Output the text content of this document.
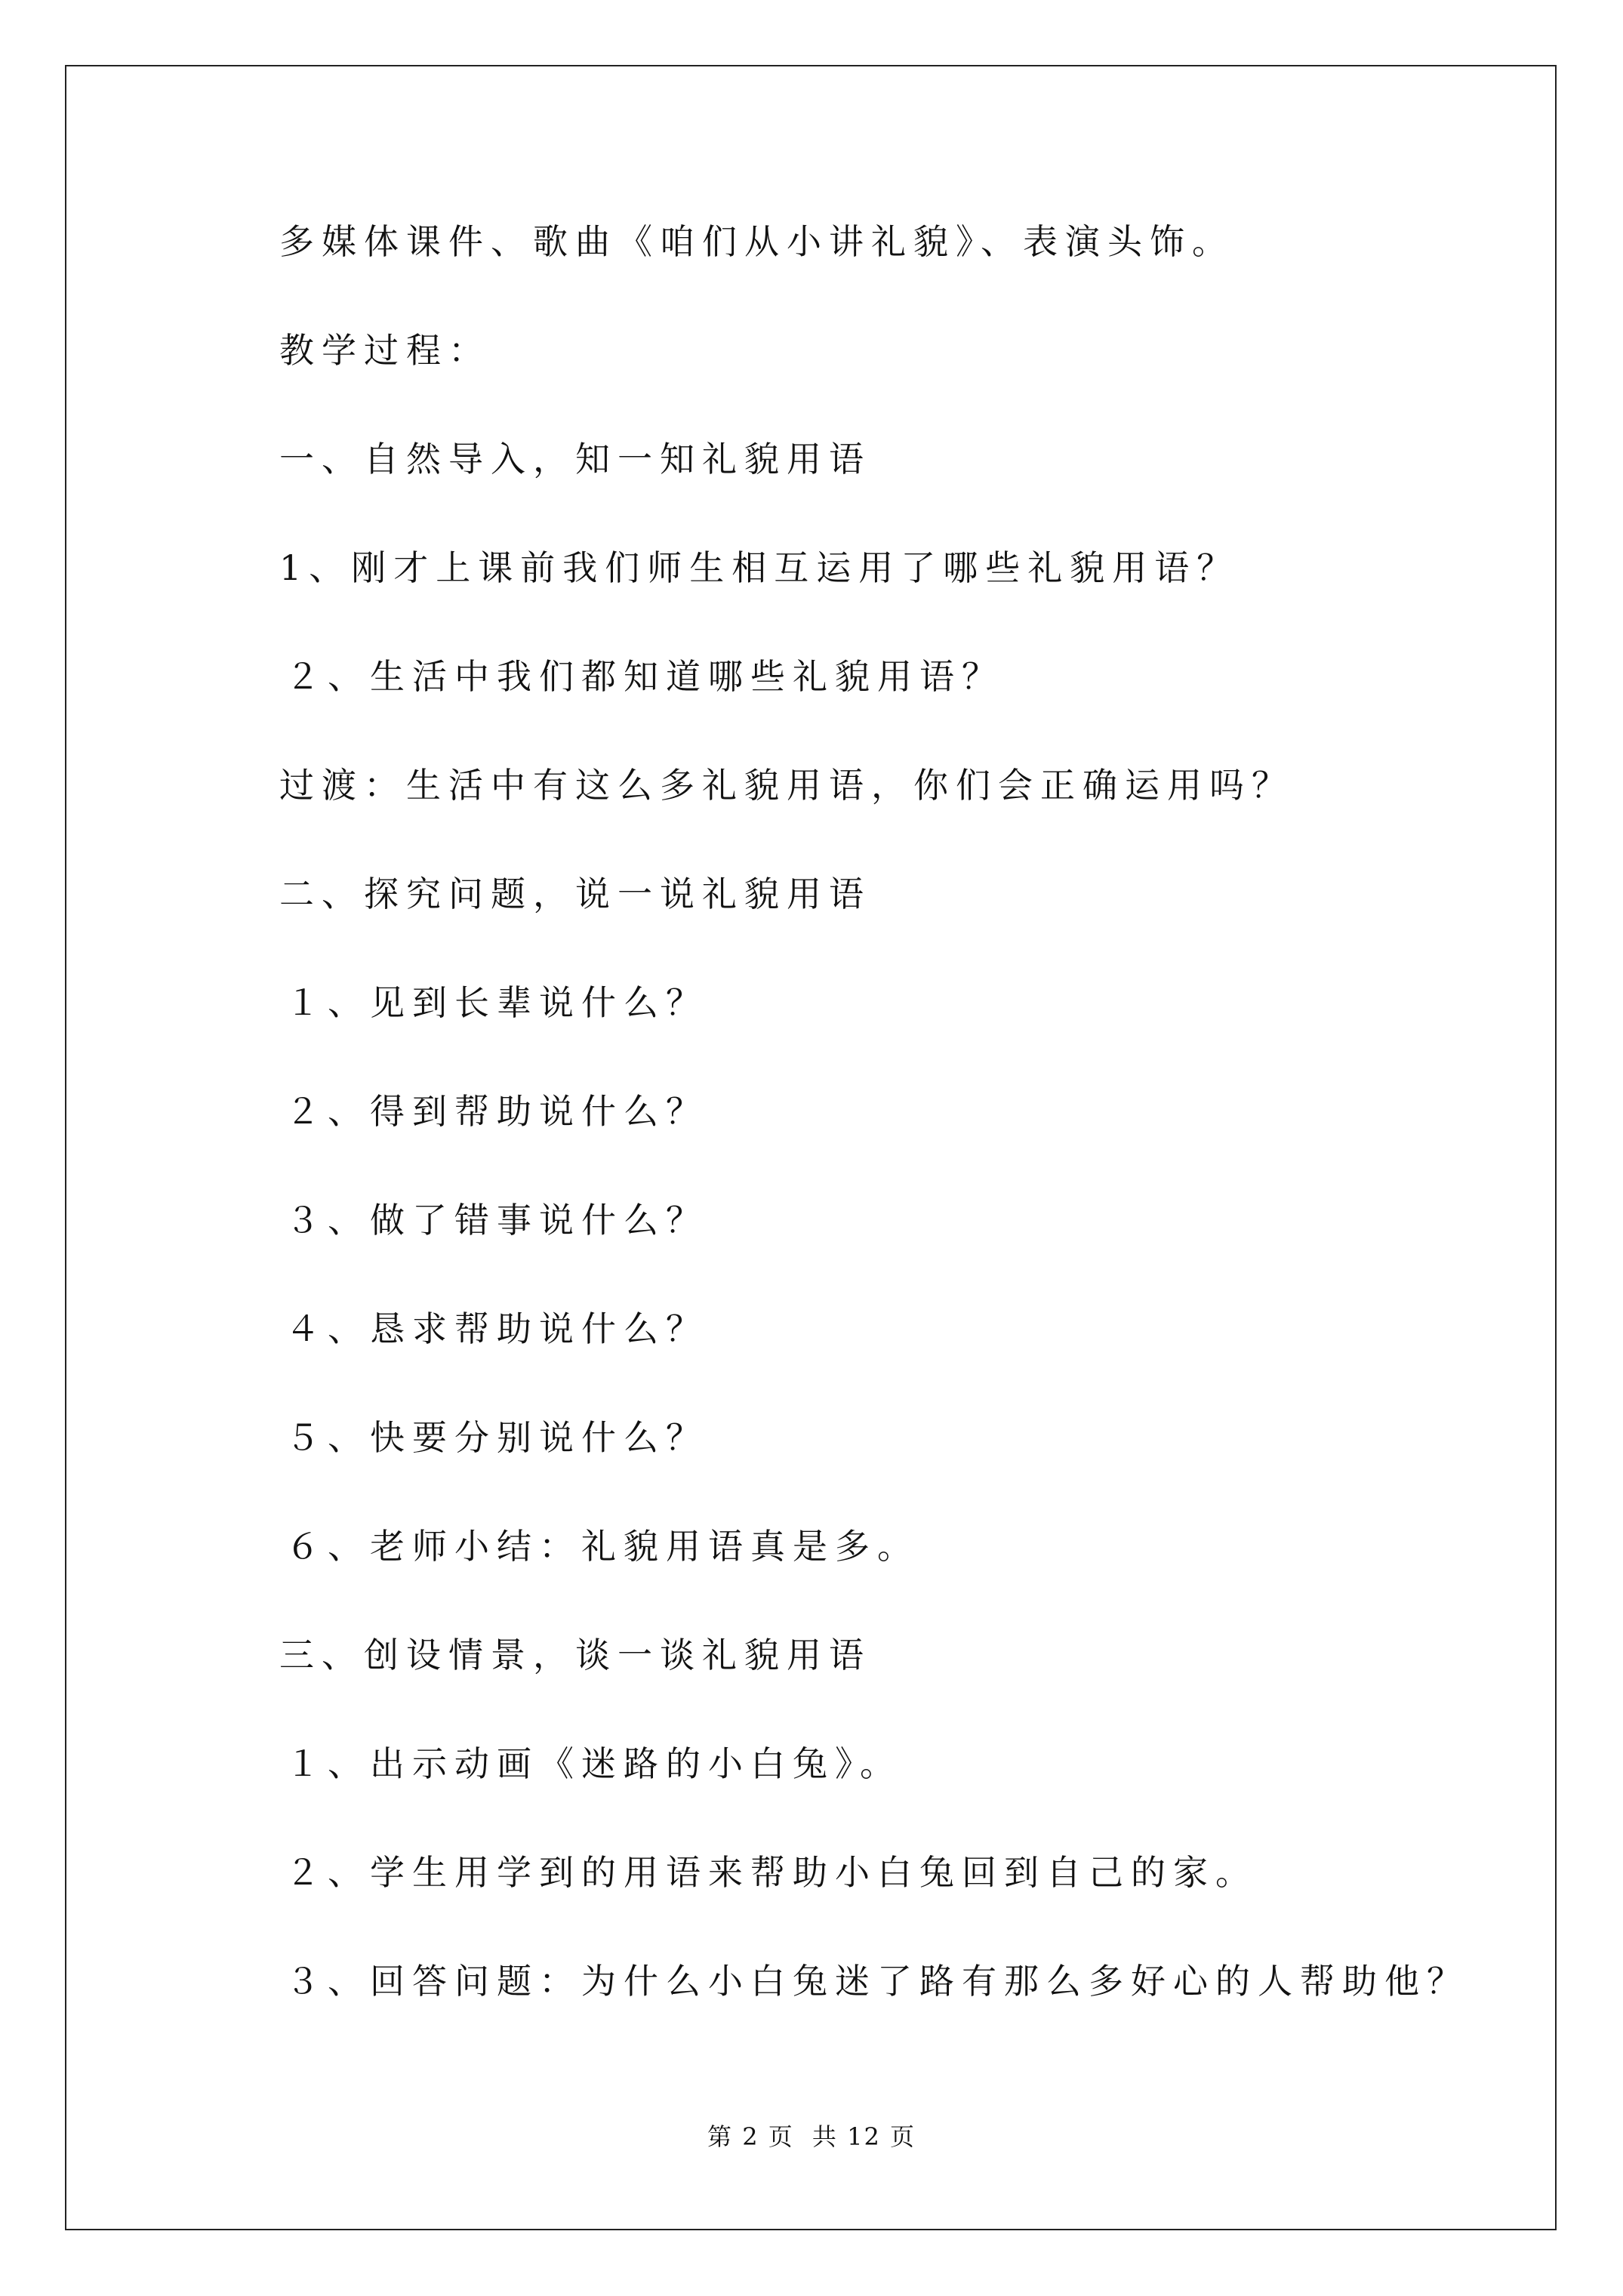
多媒体课件、歌曲《咱们从小讲礼貌》、表演头饰。
教学过程：
一、自然导入，知一知礼貌用语
1、刚才上课前我们师生相互运用了哪些礼貌用语？
２、生活中我们都知道哪些礼貌用语？
过渡：生活中有这么多礼貌用语，你们会正确运用吗？
二、探究问题，说一说礼貌用语
１、见到长辈说什么？
２、得到帮助说什么？
３、做了错事说什么？
４、恳求帮助说什么？
５、快要分别说什么？
６、老师小结：礼貌用语真是多。
三、创设情景，谈一谈礼貌用语
１、出示动画《迷路的小白兔》。
２、学生用学到的用语来帮助小白兔回到自己的家。
３、回答问题：为什么小白兔迷了路有那么多好心的人帮助他？
第 2 页 共 12 页
